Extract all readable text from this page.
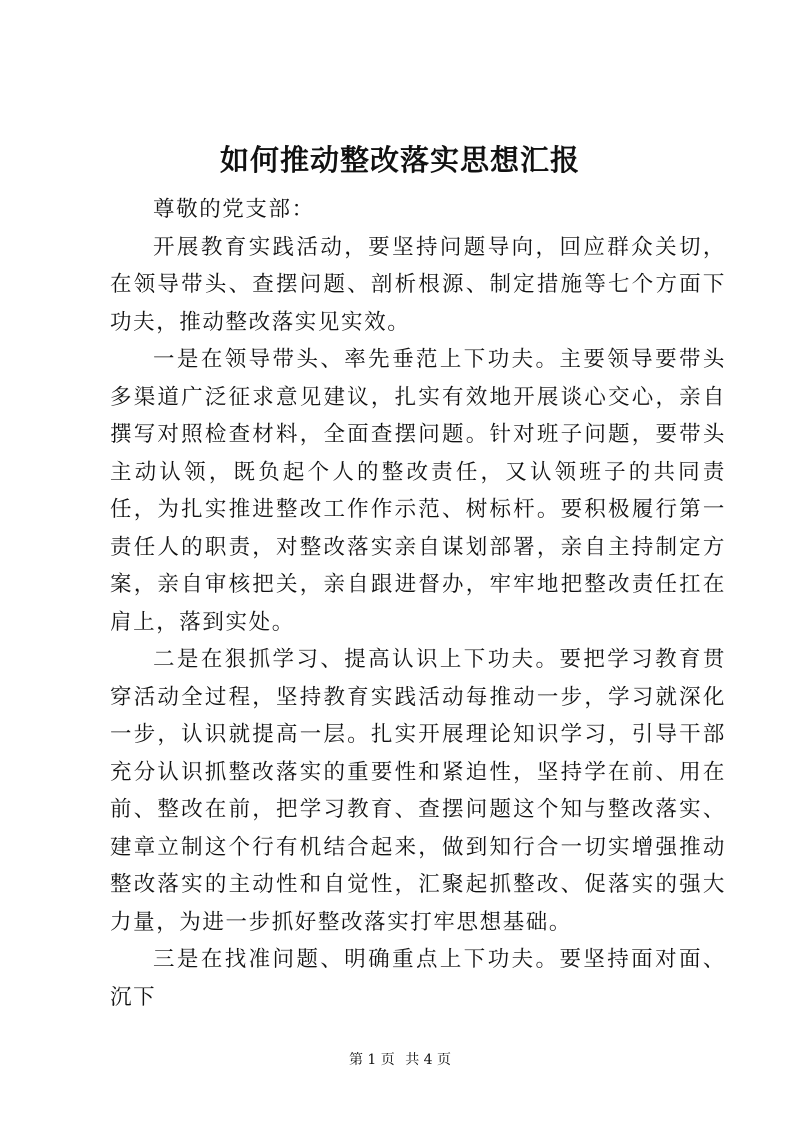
如何推动整改落实思想汇报

尊敬的党支部：

开展教育实践活动，要坚持问题导向，回应群众关切，在领导带头、查摆问题、剖析根源、制定措施等七个方面下功夫，推动整改落实见实效。

一是在领导带头、率先垂范上下功夫。主要领导要带头多渠道广泛征求意见建议，扎实有效地开展谈心交心，亲自撰写对照检查材料，全面查摆问题。针对班子问题，要带头主动认领，既负起个人的整改责任，又认领班子的共同责任，为扎实推进整改工作作示范、树标杆。要积极履行第一责任人的职责，对整改落实亲自谋划部署，亲自主持制定方案，亲自审核把关，亲自跟进督办，牢牢地把整改责任扛在肩上，落到实处。

二是在狠抓学习、提高认识上下功夫。要把学习教育贯穿活动全过程，坚持教育实践活动每推动一步，学习就深化一步，认识就提高一层。扎实开展理论知识学习，引导干部充分认识抓整改落实的重要性和紧迫性，坚持学在前、用在前、整改在前，把学习教育、查摆问题这个知与整改落实、建章立制这个行有机结合起来，做到知行合一切实增强推动整改落实的主动性和自觉性，汇聚起抓整改、促落实的强大力量，为进一步抓好整改落实打牢思想基础。

三是在找准问题、明确重点上下功夫。要坚持面对面、沉下

第 1 页 共 4 页
